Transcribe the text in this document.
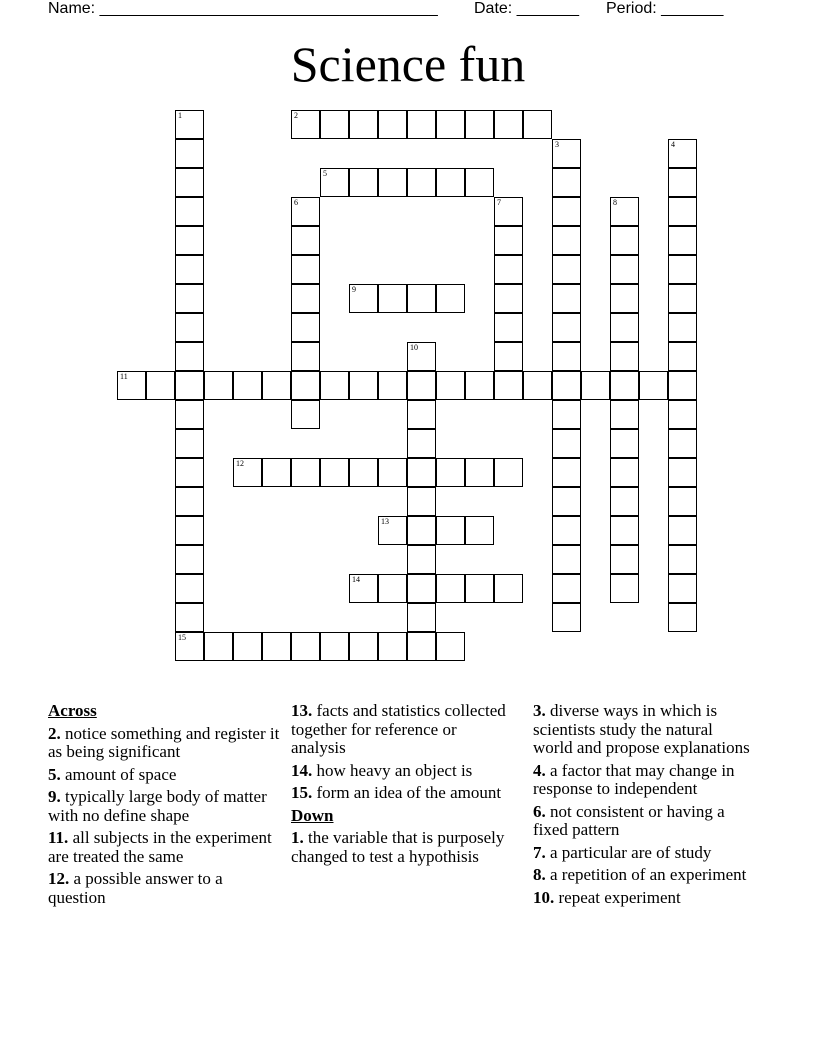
Name: ______________________________________ Date: _______ Period: _______
Science fun
1
15
2
3	4
5
6	7	8
9
10
11
12
13
14
Across
2. notice something and register it as being significant
5. amount of space
9. typically large body of matter with no define shape
11. all subjects in the experiment are treated the same
12. a possible answer to a question
13. facts and statistics collected together for reference or analysis
14. how heavy an object is
15. form an idea of the amount
Down
1. the variable that is purposely changed to test a hypothisis
3. diverse ways in which is scientists study the natural world and propose explanations
4. a factor that may change in response to independent
6. not consistent or having a fixed pattern
7. a particular are of study
8. a repetition of an experiment
10. repeat experiment
